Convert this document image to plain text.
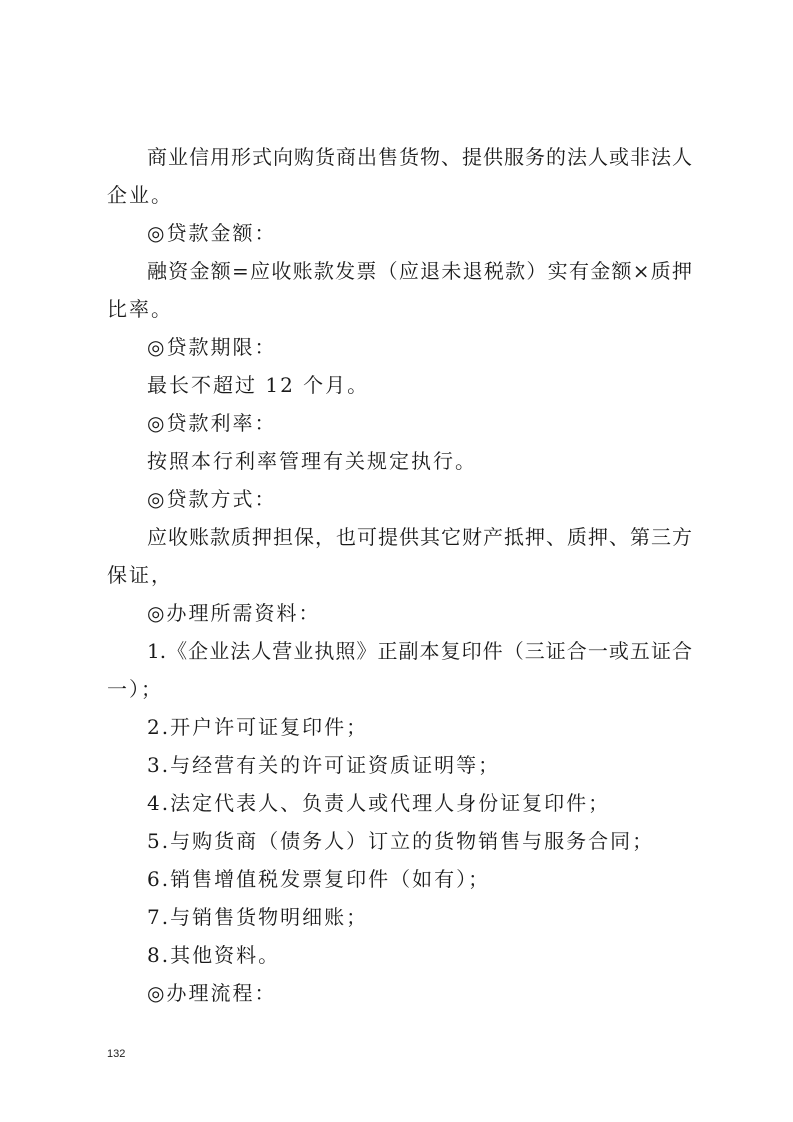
商业信用形式向购货商出售货物、提供服务的法人或非法人

企业。

◎贷款金额：

融资金额=应收账款发票（应退未退税款）实有金额×质押

比率。

◎贷款期限：

最长不超过 12 个月。

◎贷款利率：

按照本行利率管理有关规定执行。

◎贷款方式：

应收账款质押担保，也可提供其它财产抵押、质押、第三方

保证，

◎办理所需资料：

1.《企业法人营业执照》正副本复印件（三证合一或五证合

一）；

2.开户许可证复印件；

3.与经营有关的许可证资质证明等；

4.法定代表人、负责人或代理人身份证复印件；

5.与购货商（债务人）订立的货物销售与服务合同；

6.销售增值税发票复印件（如有）；

7.与销售货物明细账；

8.其他资料。

◎办理流程：

132
